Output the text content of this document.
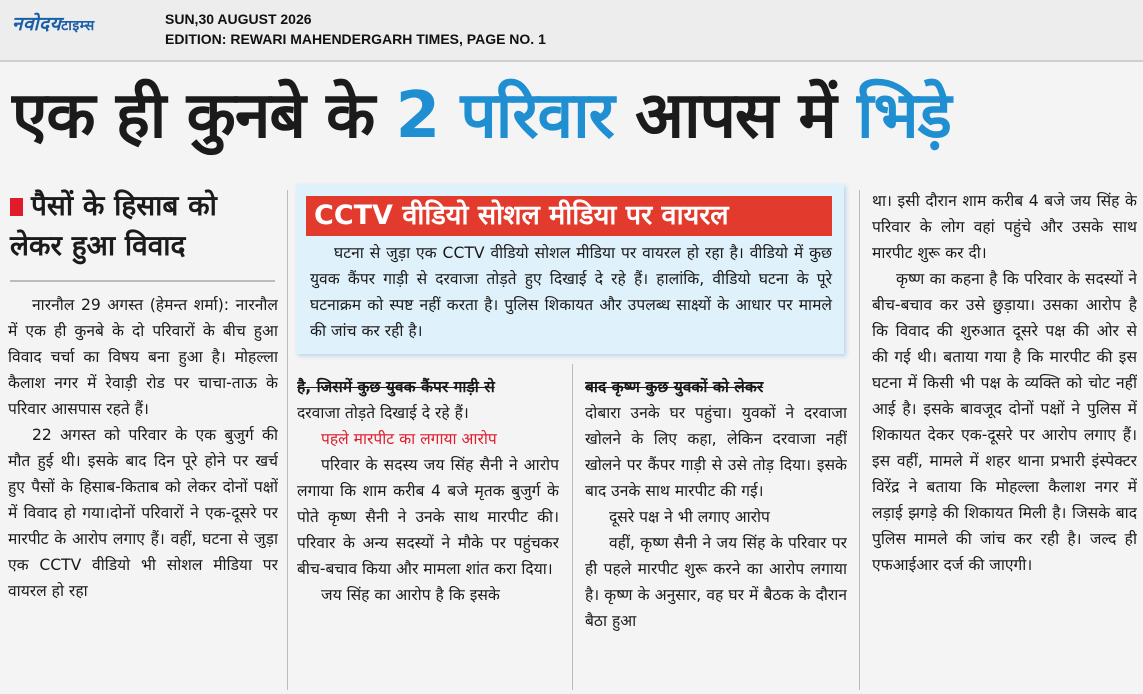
नवोदयटाइम्स	SUN,30 AUGUST 2026
EDITION: REWARI MAHENDERGARH TIMES, PAGE NO. 1
एक ही कुनबे के 2 परिवार आपस में भिड़े
पैसों के हिसाब को लेकर हुआ विवाद

नारनौल 29 अगस्त (हेमन्त शर्मा): नारनौल में एक ही कुनबे के दो परिवारों के बीच हुआ विवाद चर्चा का विषय बना हुआ है। मोहल्ला कैलाश नगर में रेवाड़ी रोड पर चाचा-ताऊ के परिवार आसपास रहते हैं।

22 अगस्त को परिवार के एक बुजुर्ग की मौत हुई थी। इसके बाद दिन पूरे होने पर खर्च हुए पैसों के हिसाब-किताब को लेकर दोनों पक्षों में विवाद हो गया।दोनों परिवारों ने एक-दूसरे पर मारपीट के आरोप लगाए हैं। वहीं, घटना से जुड़ा एक CCTV वीडियो भी सोशल मीडिया पर वायरल हो रहा

CCTV वीडियो सोशल मीडिया पर वायरल
घटना से जुड़ा एक CCTV वीडियो सोशल मीडिया पर वायरल हो रहा है। वीडियो में कुछ युवक कैंपर गाड़ी से दरवाजा तोड़ते हुए दिखाई दे रहे हैं। हालांकि, वीडियो घटना के पूरे घटनाक्रम को स्पष्ट नहीं करता है। पुलिस शिकायत और उपलब्ध साक्ष्यों के आधार पर मामले की जांच कर रही है।

है, जिसमें कुछ युवक कैंपर गाड़ी से

दरवाजा तोड़ते दिखाई दे रहे हैं।

पहले मारपीट का लगाया आरोप

परिवार के सदस्य जय सिंह सैनी ने आरोप लगाया कि शाम करीब 4 बजे मृतक बुजुर्ग के पोते कृष्ण सैनी ने उनके साथ मारपीट की। परिवार के अन्य सदस्यों ने मौके पर पहुंचकर बीच-बचाव किया और मामला शांत करा दिया।

जय सिंह का आरोप है कि इसके

बाद कृष्ण कुछ युवकों को लेकर

दोबारा उनके घर पहुंचा। युवकों ने दरवाजा खोलने के लिए कहा, लेकिन दरवाजा नहीं खोलने पर कैंपर गाड़ी से उसे तोड़ दिया। इसके बाद उनके साथ मारपीट की गई।

दूसरे पक्ष ने भी लगाए आरोप

वहीं, कृष्ण सैनी ने जय सिंह के परिवार पर ही पहले मारपीट शुरू करने का आरोप लगाया है। कृष्ण के अनुसार, वह घर में बैठक के दौरान बैठा हुआ

था। इसी दौरान शाम करीब 4 बजे जय सिंह के परिवार के लोग वहां पहुंचे और उसके साथ मारपीट शुरू कर दी।

कृष्ण का कहना है कि परिवार के सदस्यों ने बीच-बचाव कर उसे छुड़ाया। उसका आरोप है कि विवाद की शुरुआत दूसरे पक्ष की ओर से की गई थी। बताया गया है कि मारपीट की इस घटना में किसी भी पक्ष के व्यक्ति को चोट नहीं आई है। इसके बावजूद दोनों पक्षों ने पुलिस में शिकायत देकर एक-दूसरे पर आरोप लगाए हैं। इस वहीं, मामले में शहर थाना प्रभारी इंस्पेक्टर विरेंद्र ने बताया कि मोहल्ला कैलाश नगर में लड़ाई झगड़े की शिकायत मिली है। जिसके बाद पुलिस मामले की जांच कर रही है। जल्द ही एफआईआर दर्ज की जाएगी।
